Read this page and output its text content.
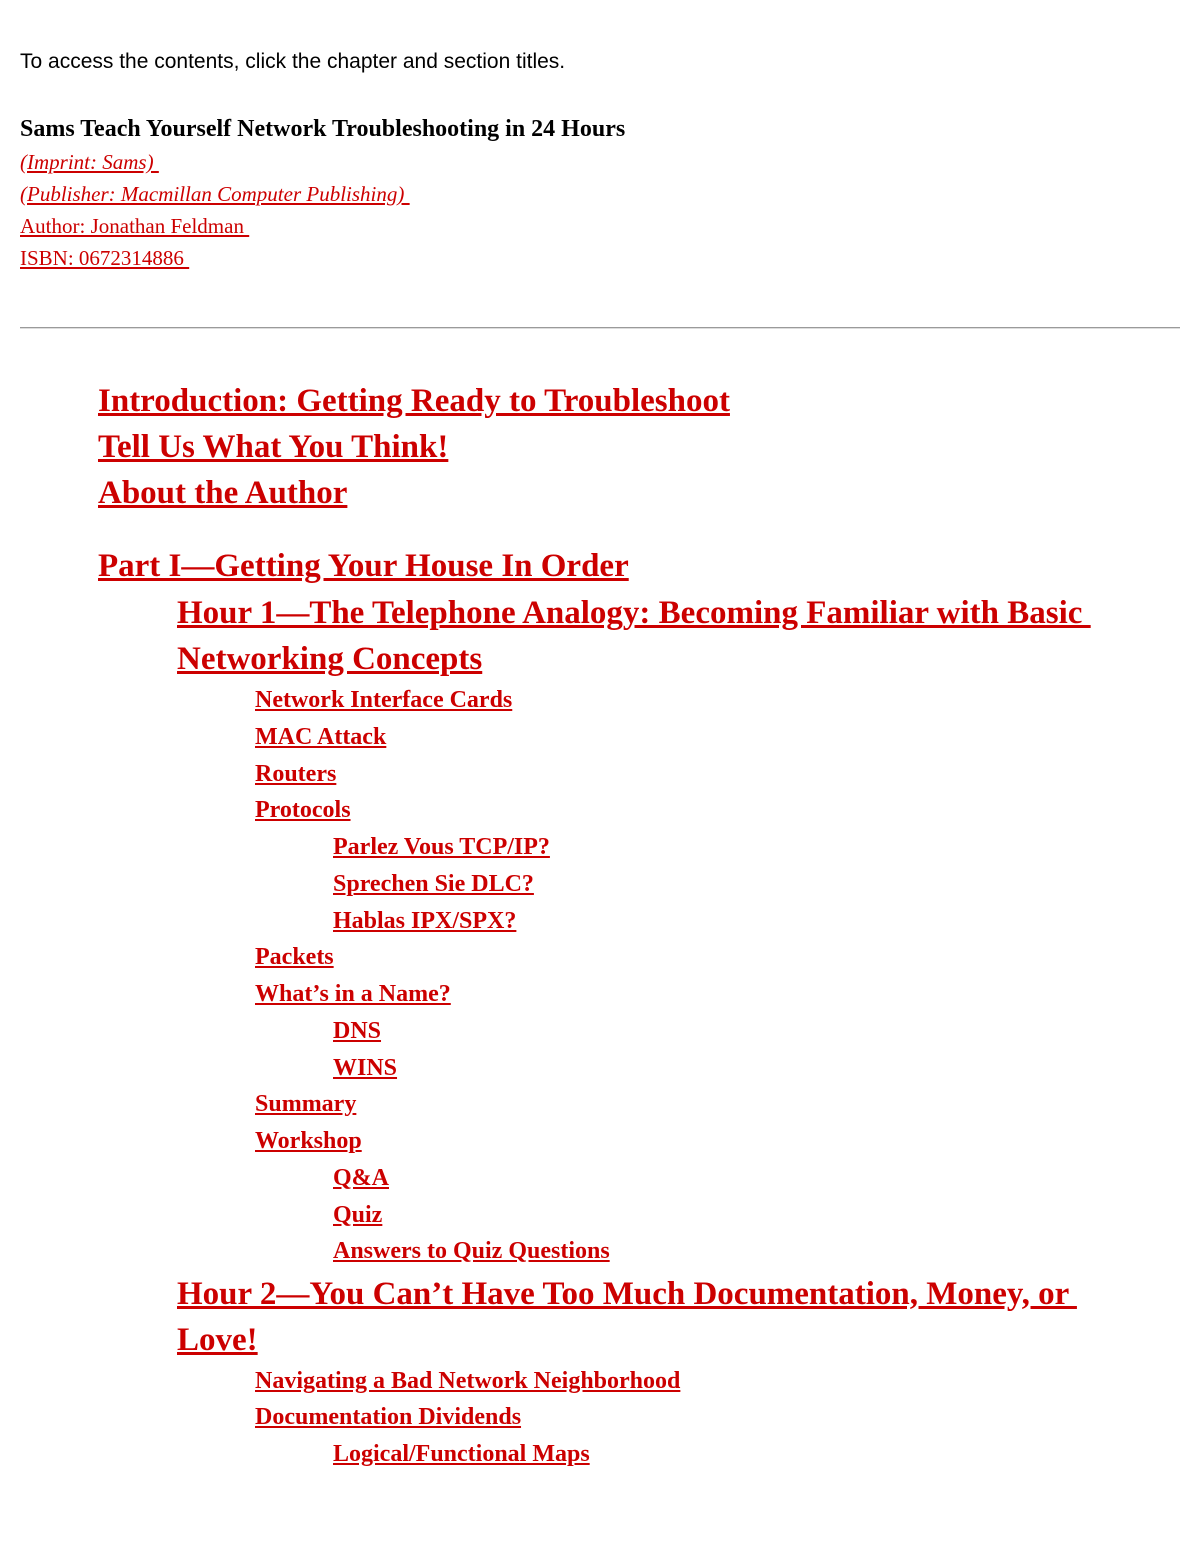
To access the contents, click the chapter and section titles.
Sams Teach Yourself Network Troubleshooting in 24 Hours
(Imprint: Sams)
(Publisher: Macmillan Computer Publishing)
Author: Jonathan Feldman
ISBN: 0672314886
Introduction: Getting Ready to Troubleshoot
Tell Us What You Think!
About the Author
Part I—Getting Your House In Order
Hour 1—The Telephone Analogy: Becoming Familiar with Basic
Networking Concepts
Network Interface Cards
MAC Attack
Routers
Protocols
Parlez Vous TCP/IP?
Sprechen Sie DLC?
Hablas IPX/SPX?
Packets
What’s in a Name?
DNS
WINS
Summary
Workshop
Q&A
Quiz
Answers to Quiz Questions
Hour 2—You Can’t Have Too Much Documentation, Money, or
Love!
Navigating a Bad Network Neighborhood
Documentation Dividends
Logical/Functional Maps
